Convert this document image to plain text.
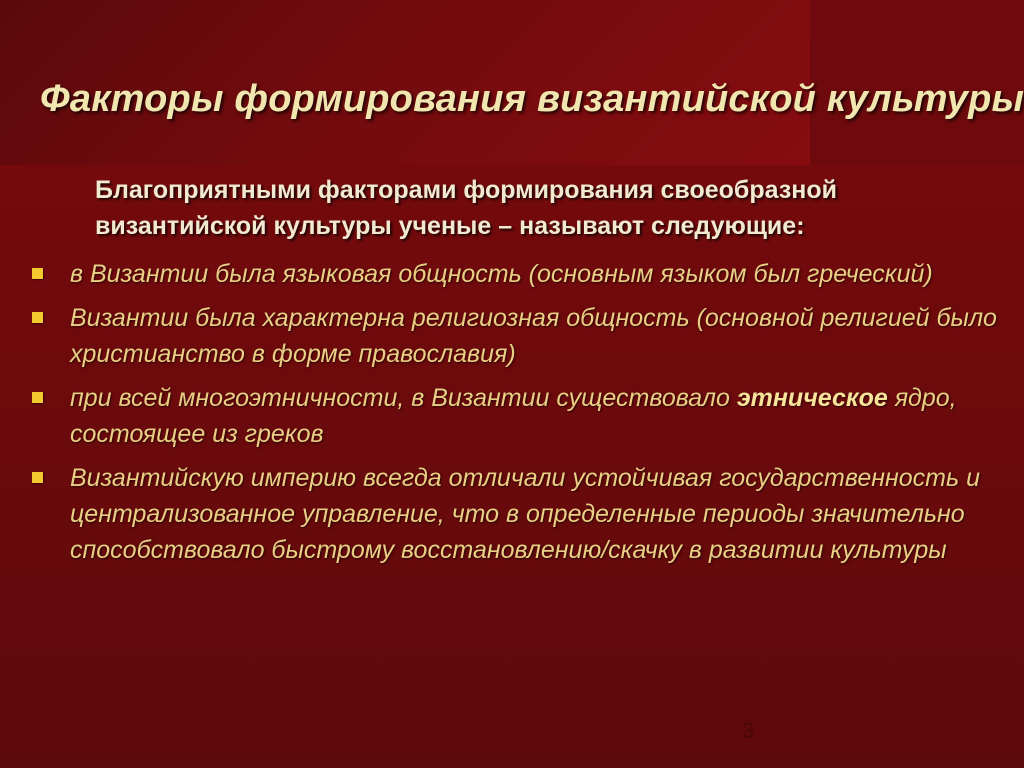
Факторы формирования византийской культуры

Благоприятными факторами формирования своеобразной
византийской культуры ученые – называют следующие:

в Византии была языковая общность (основным языком был греческий)
Византии была характерна религиозная общность (основной религией было христианство в форме православия)
при всей многоэтничности, в Византии существовало этническое ядро, состоящее из греков
Византийскую империю всегда отличали устойчивая государственность и централизованное управление, что в определенные периоды значительно способствовало быстрому восстановлению/скачку в развитии культуры
3
